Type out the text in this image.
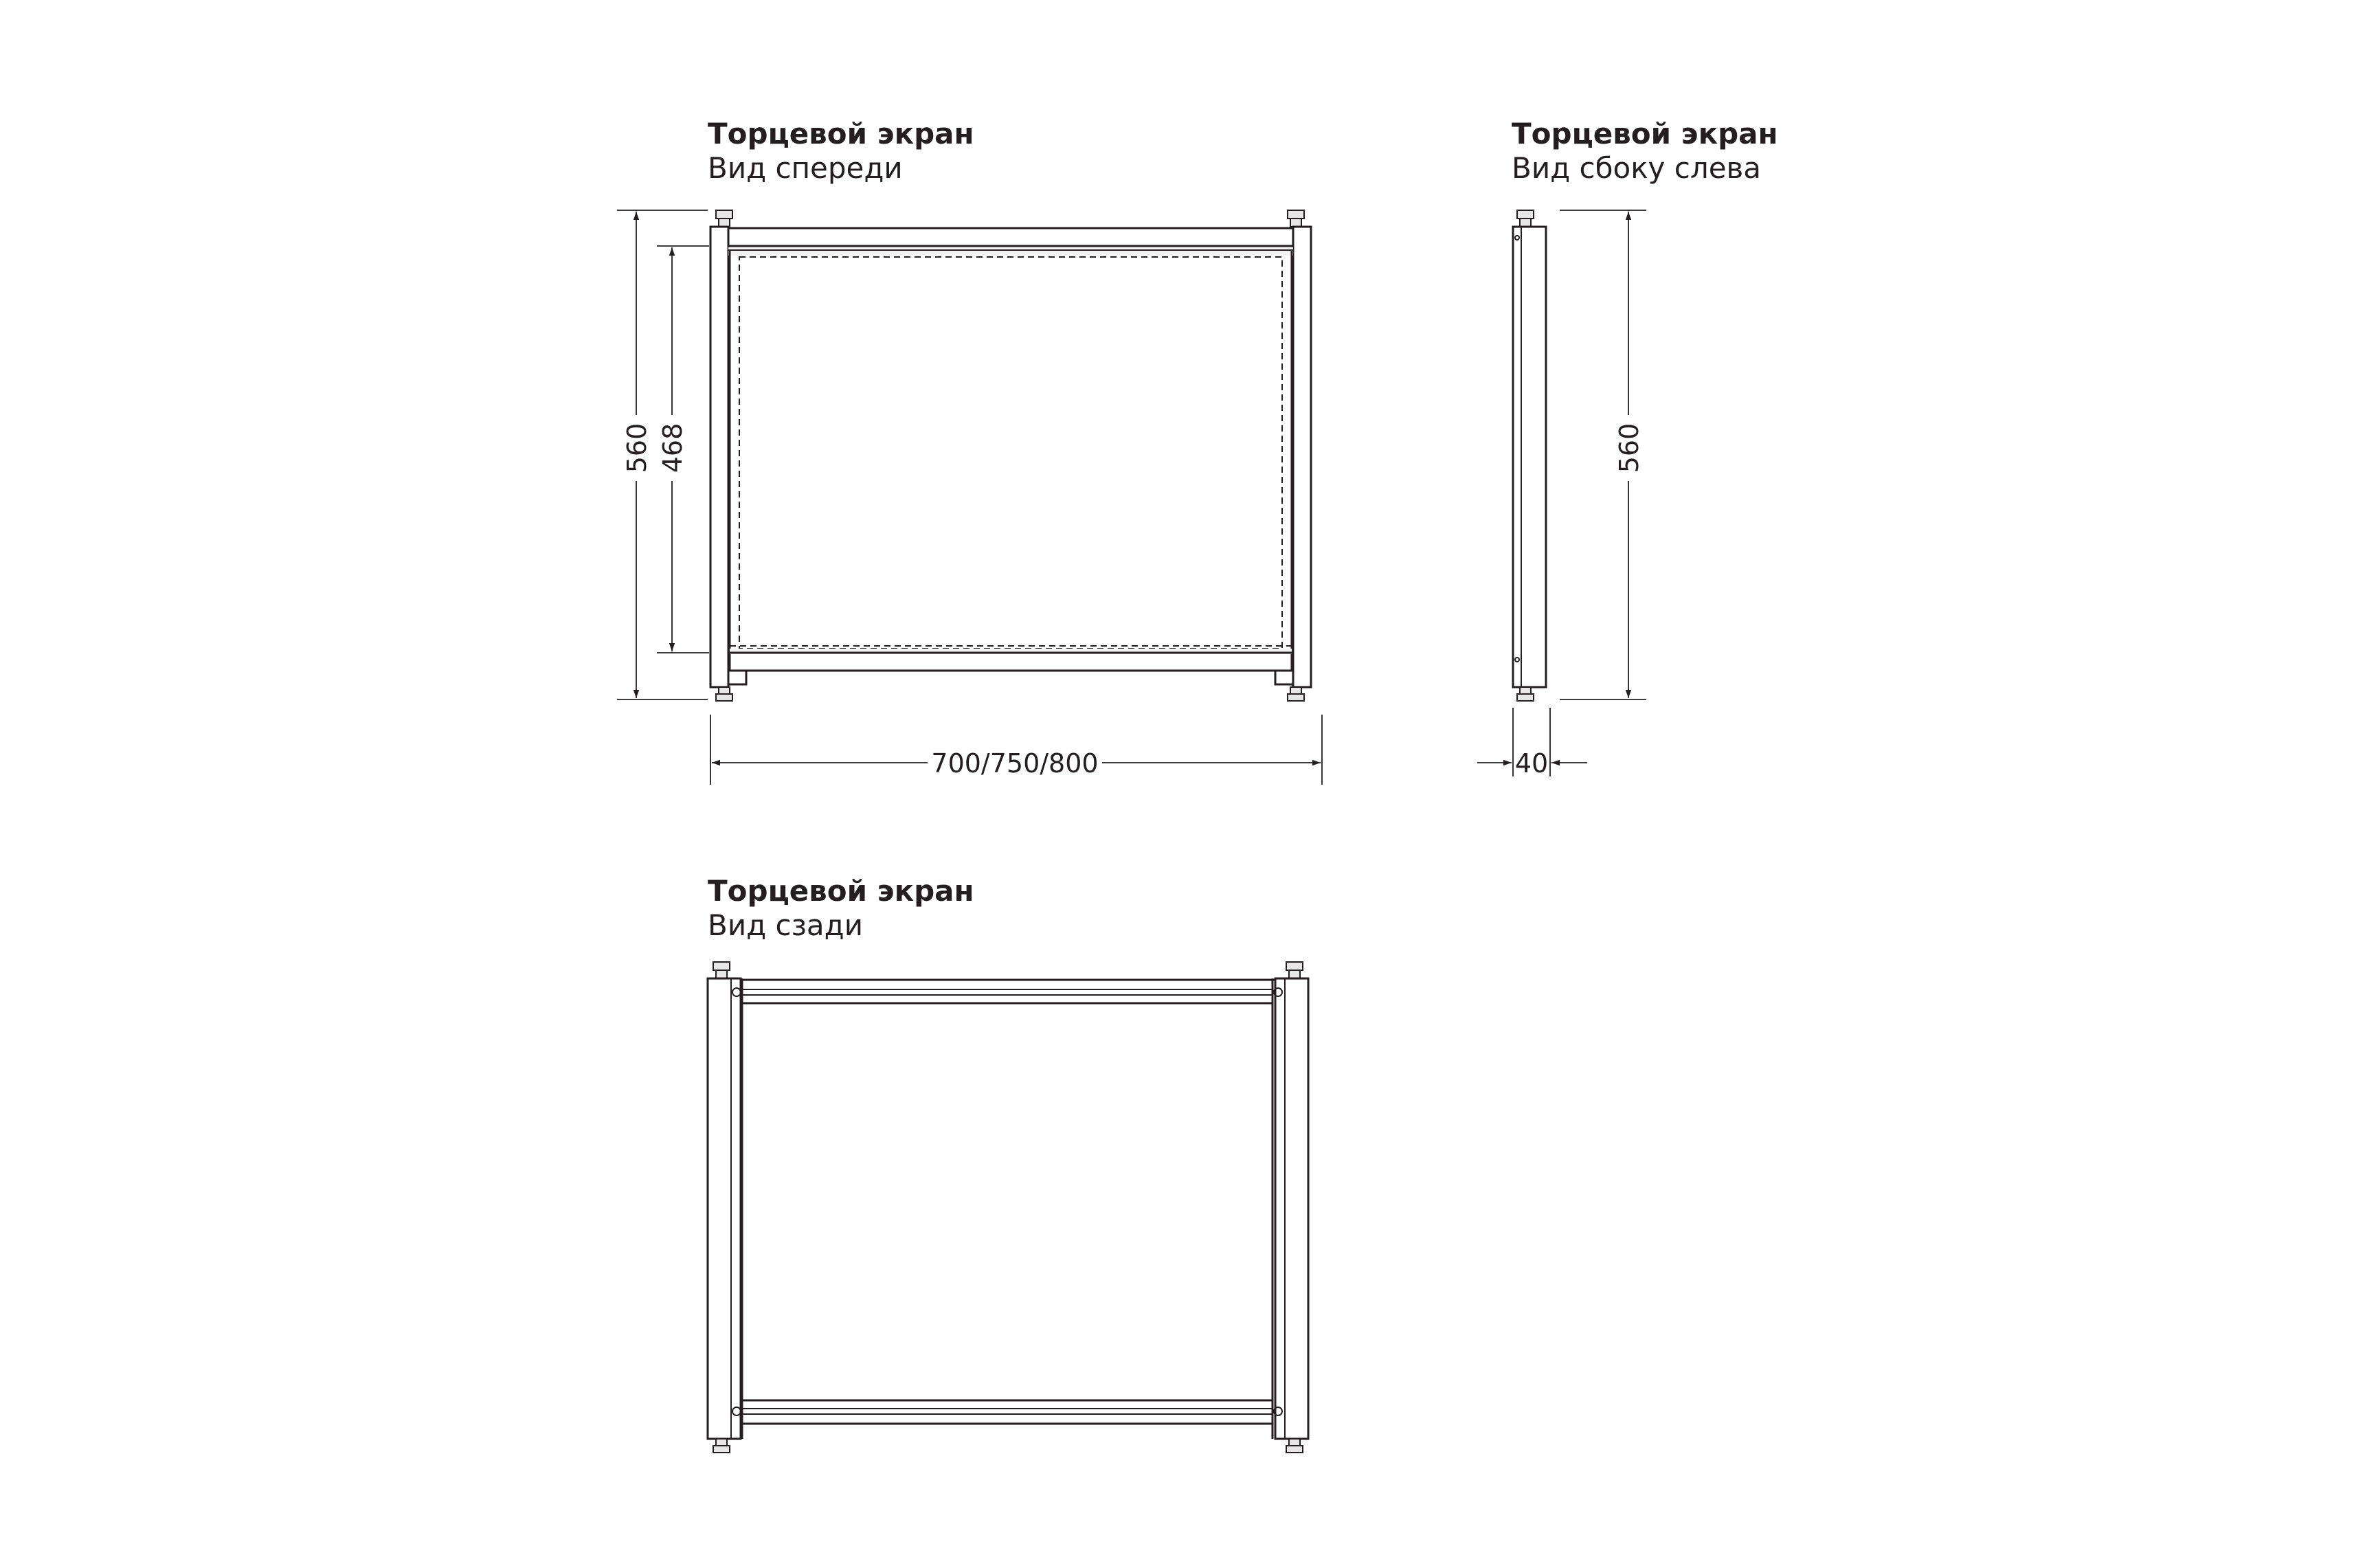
Торцевой экран
Вид спереди
Торцевой экран
Вид сбоку слева
Торцевой экран
Вид сзади
560 468
700/750/800
560
40
